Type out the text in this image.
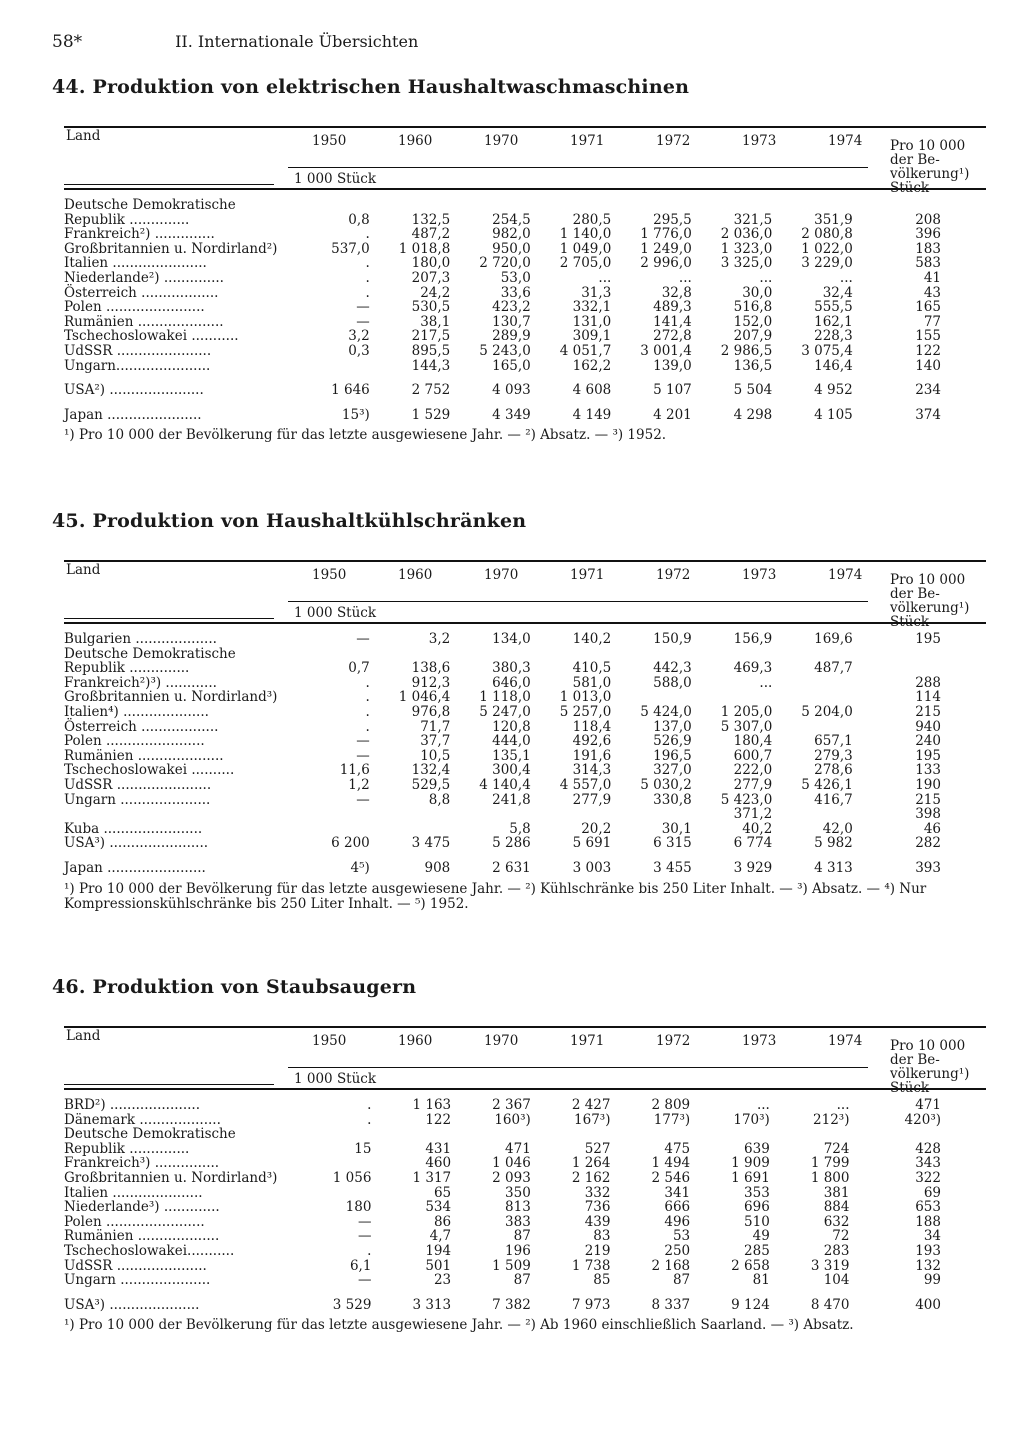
58*	II. Internationale Übersichten
44. Produktion von elektrischen Haushaltwaschmaschinen
Land	1950	1960	1970	1971	1972	1973	1974 Pro 10 000
der Be-
völkerung¹)
Stück
1 000 Stück
Deutsche Demokratische								
Republik ..............	0,8	132,5	254,5	280,5	295,5	321,5	351,9	208
Frankreich²) ..............	.	487,2	982,0	1 140,0	1 776,0	2 036,0	2 080,8	396
Großbritannien u. Nordirland²)	537,0	1 018,8	950,0	1 049,0	1 249,0	1 323,0	1 022,0	183
Italien ......................	.	180,0	2 720,0	2 705,0	2 996,0	3 325,0	3 229,0	583
Niederlande²) ..............	.	207,3	53,0	...	...	...	...	41
Österreich ..................	.	24,2	33,6	31,3	32,8	30,0	32,4	43
Polen .......................	—	530,5	423,2	332,1	489,3	516,8	555,5	165
Rumänien ....................	—	38,1	130,7	131,0	141,4	152,0	162,1	77
Tschechoslowakei ...........	3,2	217,5	289,9	309,1	272,8	207,9	228,3	155
UdSSR ......................	0,3	895,5	5 243,0	4 051,7	3 001,4	2 986,5	3 075,4	122
Ungarn......................		144,3	165,0	162,2	139,0	136,5	146,4	140

USA²) ......................	1 646	2 752	4 093	4 608	5 107	5 504	4 952	234

Japan ......................	15³)	1 529	4 349	4 149	4 201	4 298	4 105	374
¹) Pro 10 000 der Bevölkerung für das letzte ausgewiesene Jahr. — ²) Absatz. — ³) 1952.
45. Produktion von Haushaltkühlschränken
Land	1950	1960	1970	1971	1972	1973	1974 Pro 10 000
der Be-
völkerung¹)
Stück
1 000 Stück
Bulgarien ...................	—	3,2	134,0	140,2	150,9	156,9	169,6	195
Deutsche Demokratische								
Republik ..............	0,7	138,6	380,3	410,5	442,3	469,3	487,7	
Frankreich²)³) ............	.	912,3	646,0	581,0	588,0	...		288
Großbritannien u. Nordirland³)	.	1 046,4	1 118,0	1 013,0				114
Italien⁴) ....................	.	976,8	5 247,0	5 257,0	5 424,0	1 205,0	5 204,0	215
Österreich ..................	.	71,7	120,8	118,4	137,0	5 307,0		940
Polen .......................	—	37,7	444,0	492,6	526,9	180,4	657,1	240
Rumänien ....................	—	10,5	135,1	191,6	196,5	600,7	279,3	195
Tschechoslowakei ..........	11,6	132,4	300,4	314,3	327,0	222,0	278,6	133
UdSSR ......................	1,2	529,5	4 140,4	4 557,0	5 030,2	277,9	5 426,1	190
Ungarn .....................	—	8,8	241,8	277,9	330,8	5 423,0	416,7	215
						371,2		398
Kuba .......................			5,8	20,2	30,1	40,2	42,0	46
USA³) .......................	6 200	3 475	5 286	5 691	6 315	6 774	5 982	282

Japan .......................	4⁵)	908	2 631	3 003	3 455	3 929	4 313	393
¹) Pro 10 000 der Bevölkerung für das letzte ausgewiesene Jahr. — ²) Kühlschränke bis 250 Liter Inhalt. — ³) Absatz. — ⁴) Nur
Kompressionskühlschränke bis 250 Liter Inhalt. — ⁵) 1952.
46. Produktion von Staubsaugern
Land	1950	1960	1970	1971	1972	1973	1974 Pro 10 000
der Be-
völkerung¹)
Stück
1 000 Stück
BRD²) .....................	.	1 163	2 367	2 427	2 809	...	...	471
Dänemark ...................	.	122	160³)	167³)	177³)	170³)	212³)	420³)
Deutsche Demokratische								
Republik ..............	15	431	471	527	475	639	724	428
Frankreich³) ...............		460	1 046	1 264	1 494	1 909	1 799	343
Großbritannien u. Nordirland³)	1 056	1 317	2 093	2 162	2 546	1 691	1 800	322
Italien .....................		65	350	332	341	353	381	69
Niederlande³) .............	180	534	813	736	666	696	884	653
Polen .......................	—	86	383	439	496	510	632	188
Rumänien ...................	—	4,7	87	83	53	49	72	34
Tschechoslowakei...........	.	194	196	219	250	285	283	193
UdSSR .....................	6,1	501	1 509	1 738	2 168	2 658	3 319	132
Ungarn .....................	—	23	87	85	87	81	104	99

USA³) .....................	3 529	3 313	7 382	7 973	8 337	9 124	8 470	400
¹) Pro 10 000 der Bevölkerung für das letzte ausgewiesene Jahr. — ²) Ab 1960 einschließlich Saarland. — ³) Absatz.
